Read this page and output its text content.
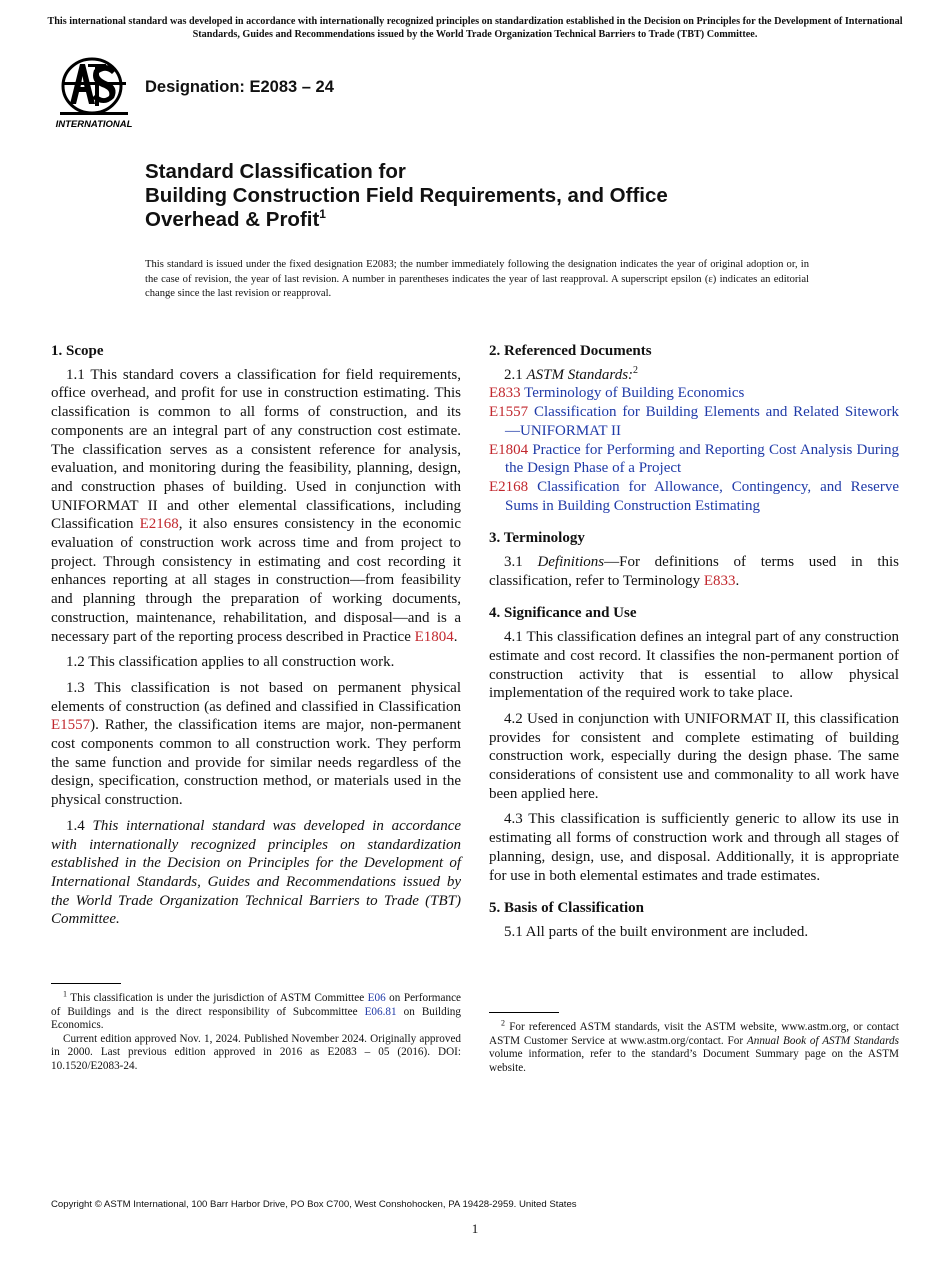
This international standard was developed in accordance with internationally recognized principles on standardization established in the Decision on Principles for the Development of International Standards, Guides and Recommendations issued by the World Trade Organization Technical Barriers to Trade (TBT) Committee.
INTERNATIONAL
Designation: E2083 – 24
Standard Classification for
Building Construction Field Requirements, and Office
Overhead & Profit$^1$
This standard is issued under the fixed designation E2083; the number immediately following the designation indicates the year of original adoption or, in the case of revision, the year of last revision. A number in parentheses indicates the year of last reapproval. A superscript epsilon (ε) indicates an editorial change since the last revision or reapproval.
1. Scope

1.1 This standard covers a classification for field requirements, office overhead, and profit for use in construction estimating. This classification is common to all forms of construction, and its components are an integral part of any construction cost estimate. The classification serves as a consistent reference for analysis, evaluation, and monitoring during the feasibility, planning, design, and construction phases of building. Used in conjunction with UNIFORMAT II and other elemental classifications, including Classification E2168, it also ensures consistency in the economic evaluation of construction work across time and from project to project. Through consistency in estimating and cost recording it enhances reporting at all stages in construction—from feasibility and planning through the preparation of working documents, construction, maintenance, rehabilitation, and disposal—and is a necessary part of the reporting process described in Practice E1804.

1.2 This classification applies to all construction work.

1.3 This classification is not based on permanent physical elements of construction (as defined and classified in Classification E1557). Rather, the classification items are major, non-permanent cost components common to all construction work. They perform the same function and provide for similar needs regardless of the design, specification, construction method, or materials used in the physical construction.

1.4 This international standard was developed in accordance with internationally recognized principles on standardization established in the Decision on Principles for the Development of International Standards, Guides and Recommendations issued by the World Trade Organization Technical Barriers to Trade (TBT) Committee.

$^1$ This classification is under the jurisdiction of ASTM Committee E06 on Performance of Buildings and is the direct responsibility of Subcommittee E06.81 on Building Economics.

Current edition approved Nov. 1, 2024. Published November 2024. Originally approved in 2000. Last previous edition approved in 2016 as E2083 – 05 (2016). DOI: 10.1520/E2083-24.

2. Referenced Documents

2.1 ASTM Standards:$^2$

E833 Terminology of Building Economics
E1557 Classification for Building Elements and Related Sitework—UNIFORMAT II
E1804 Practice for Performing and Reporting Cost Analysis During the Design Phase of a Project
E2168 Classification for Allowance, Contingency, and Reserve Sums in Building Construction Estimating
3. Terminology

3.1 Definitions—For definitions of terms used in this classification, refer to Terminology E833.

4. Significance and Use

4.1 This classification defines an integral part of any construction estimate and cost record. It classifies the non-permanent portion of construction activity that is essential to allow physical implementation of the required work to take place.

4.2 Used in conjunction with UNIFORMAT II, this classification provides for consistent and complete estimating of building construction work, especially during the design phase. The same considerations of consistent use and commonality to all work have been applied here.

4.3 This classification is sufficiently generic to allow its use in estimating all forms of construction work and through all stages of planning, design, use, and disposal. Additionally, it is appropriate for use in both elemental estimates and trade estimates.

5. Basis of Classification

5.1 All parts of the built environment are included.

$^2$ For referenced ASTM standards, visit the ASTM website, www.astm.org, or contact ASTM Customer Service at www.astm.org/contact. For Annual Book of ASTM Standards volume information, refer to the standard’s Document Summary page on the ASTM website.

Copyright © ASTM International, 100 Barr Harbor Drive, PO Box C700, West Conshohocken, PA 19428-2959. United States
1
